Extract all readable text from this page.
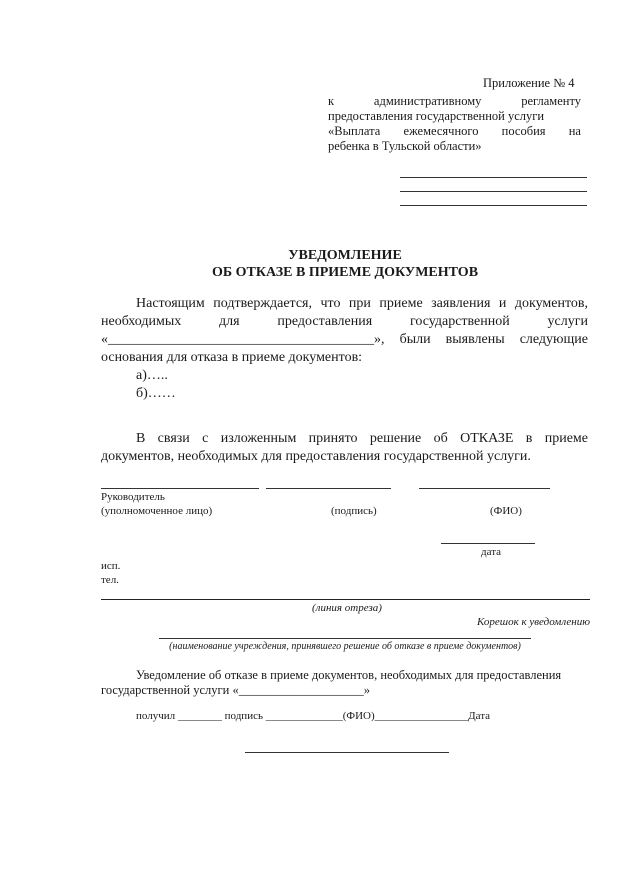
Приложение № 4
к административному регламенту
предоставления государственной услуги
«Выплата ежемесячного пособия на
ребенка в Тульской области»
УВЕДОМЛЕНИЕ
ОБ ОТКАЗЕ В ПРИЕМЕ ДОКУМЕНТОВ
Настоящим подтверждается, что при приеме заявления и документов,
необходимых для предоставления государственной услуги
«______________________________________», были выявлены следующие
основания для отказа в приеме документов:
а)…..
б)……
В связи с изложенным принято решение об ОТКАЗЕ в приеме
документов, необходимых для предоставления государственной услуги.
Руководитель
(уполномоченное лицо)	(подпись)	(ФИО)
дата
исп.
тел.
(линия отреза)
Корешок к уведомлению
(наименование учреждения, принявшего решение об отказе в приеме документов)
Уведомление об отказе в приеме документов, необходимых для предоставления
государственной услуги «____________________»
получил ________ подпись ______________(ФИО)_________________Дата
